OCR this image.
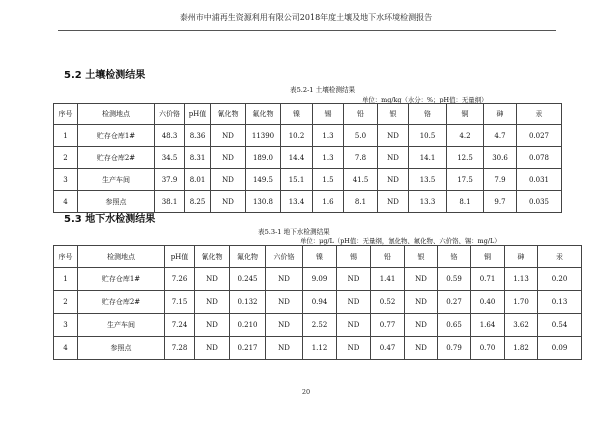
泰州市中浦再生资源利用有限公司2018年度土壤及地下水环境检测报告
5.2 土壤检测结果
表5.2-1 土壤检测结果
单位：mg/kg（水分：%；pH值：无量纲）
序号	检测地点	六价铬	pH值	氰化物	氟化物	镍	锡	铅	银	铬	铜	砷	汞
1	贮存仓库1#	48.3	8.36	ND	11390	10.2	1.3	5.0	ND	10.5	4.2	4.7	0.027
2	贮存仓库2#	34.5	8.31	ND	189.0	14.4	1.3	7.8	ND	14.1	12.5	30.6	0.078
3	生产车间	37.9	8.01	ND	149.5	15.1	1.5	41.5	ND	13.5	17.5	7.9	0.031
4	参照点	38.1	8.25	ND	130.8	13.4	1.6	8.1	ND	13.3	8.1	9.7	0.035
5.3 地下水检测结果
表5.3-1 地下水检测结果
单位：μg/L（pH值：无量纲，氰化物、氟化物、六价铬、锡：mg/L）
序号	检测地点	pH值	氰化物	氟化物	六价铬	镍	锡	铅	银	铬	铜	砷	汞
1	贮存仓库1#	7.26	ND	0.245	ND	9.09	ND	1.41	ND	0.59	0.71	1.13	0.20
2	贮存仓库2#	7.15	ND	0.132	ND	0.94	ND	0.52	ND	0.27	0.40	1.70	0.13
3	生产车间	7.24	ND	0.210	ND	2.52	ND	0.77	ND	0.65	1.64	3.62	0.54
4	参照点	7.28	ND	0.217	ND	1.12	ND	0.47	ND	0.79	0.70	1.82	0.09
20
